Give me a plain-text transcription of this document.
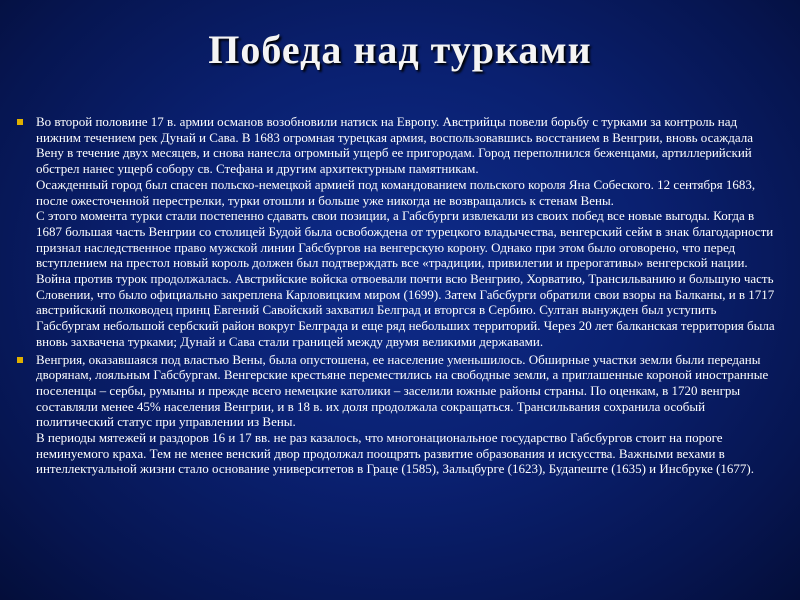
Победа над турками
Во второй половине 17 в. армии османов возобновили натиск на Европу. Австрийцы повели борьбу с турками за контроль над нижним течением рек Дунай и Сава. В 1683 огромная турецкая армия, воспользовавшись восстанием в Венгрии, вновь осаждала Вену в течение двух месяцев, и снова нанесла огромный ущерб ее пригородам. Город переполнился беженцами, артиллерийский обстрел нанес ущерб собору св. Стефана и другим архитектурным памятникам.
Осажденный город был спасен польско-немецкой армией под командованием польского короля Яна Собеского. 12 сентября 1683, после ожесточенной перестрелки, турки отошли и больше уже никогда не возвращались к стенам Вены.
С этого момента турки стали постепенно сдавать свои позиции, а Габсбурги извлекали из своих побед все новые выгоды. Когда в 1687 большая часть Венгрии со столицей Будой была освобождена от турецкого владычества, венгерский сейм в знак благодарности признал наследственное право мужской линии Габсбургов на венгерскую корону. Однако при этом было оговорено, что перед вступлением на престол новый король должен был подтверждать все «традиции, привилегии и прерогативы» венгерской нации. Война против турок продолжалась. Австрийские войска отвоевали почти всю Венгрию, Хорватию, Трансильванию и большую часть Словении, что было официально закреплена Карловицким миром (1699). Затем Габсбурги обратили свои взоры на Балканы, и в 1717 австрийский полководец принц Евгений Савойский захватил Белград и вторгся в Сербию. Султан вынужден был уступить Габсбургам небольшой сербский район вокруг Белграда и еще ряд небольших территорий. Через 20 лет балканская территория была вновь захвачена турками; Дунай и Сава стали границей между двумя великими державами.
Венгрия, оказавшаяся под властью Вены, была опустошена, ее население уменьшилось. Обширные участки земли были переданы дворянам, лояльным Габсбургам. Венгерские крестьяне переместились на свободные земли, а приглашенные короной иностранные поселенцы – сербы, румыны и прежде всего немецкие католики – заселили южные районы страны. По оценкам, в 1720 венгры составляли менее 45% населения Венгрии, и в 18 в. их доля продолжала сокращаться. Трансильвания сохранила особый политический статус при управлении из Вены.
В периоды мятежей и раздоров 16 и 17 вв. не раз казалось, что многонациональное государство Габсбургов стоит на пороге неминуемого краха. Тем не менее венский двор продолжал поощрять развитие образования и искусства. Важными вехами в интеллектуальной жизни стало основание университетов в Граце (1585), Зальцбурге (1623), Будапеште (1635) и Инсбруке (1677).
